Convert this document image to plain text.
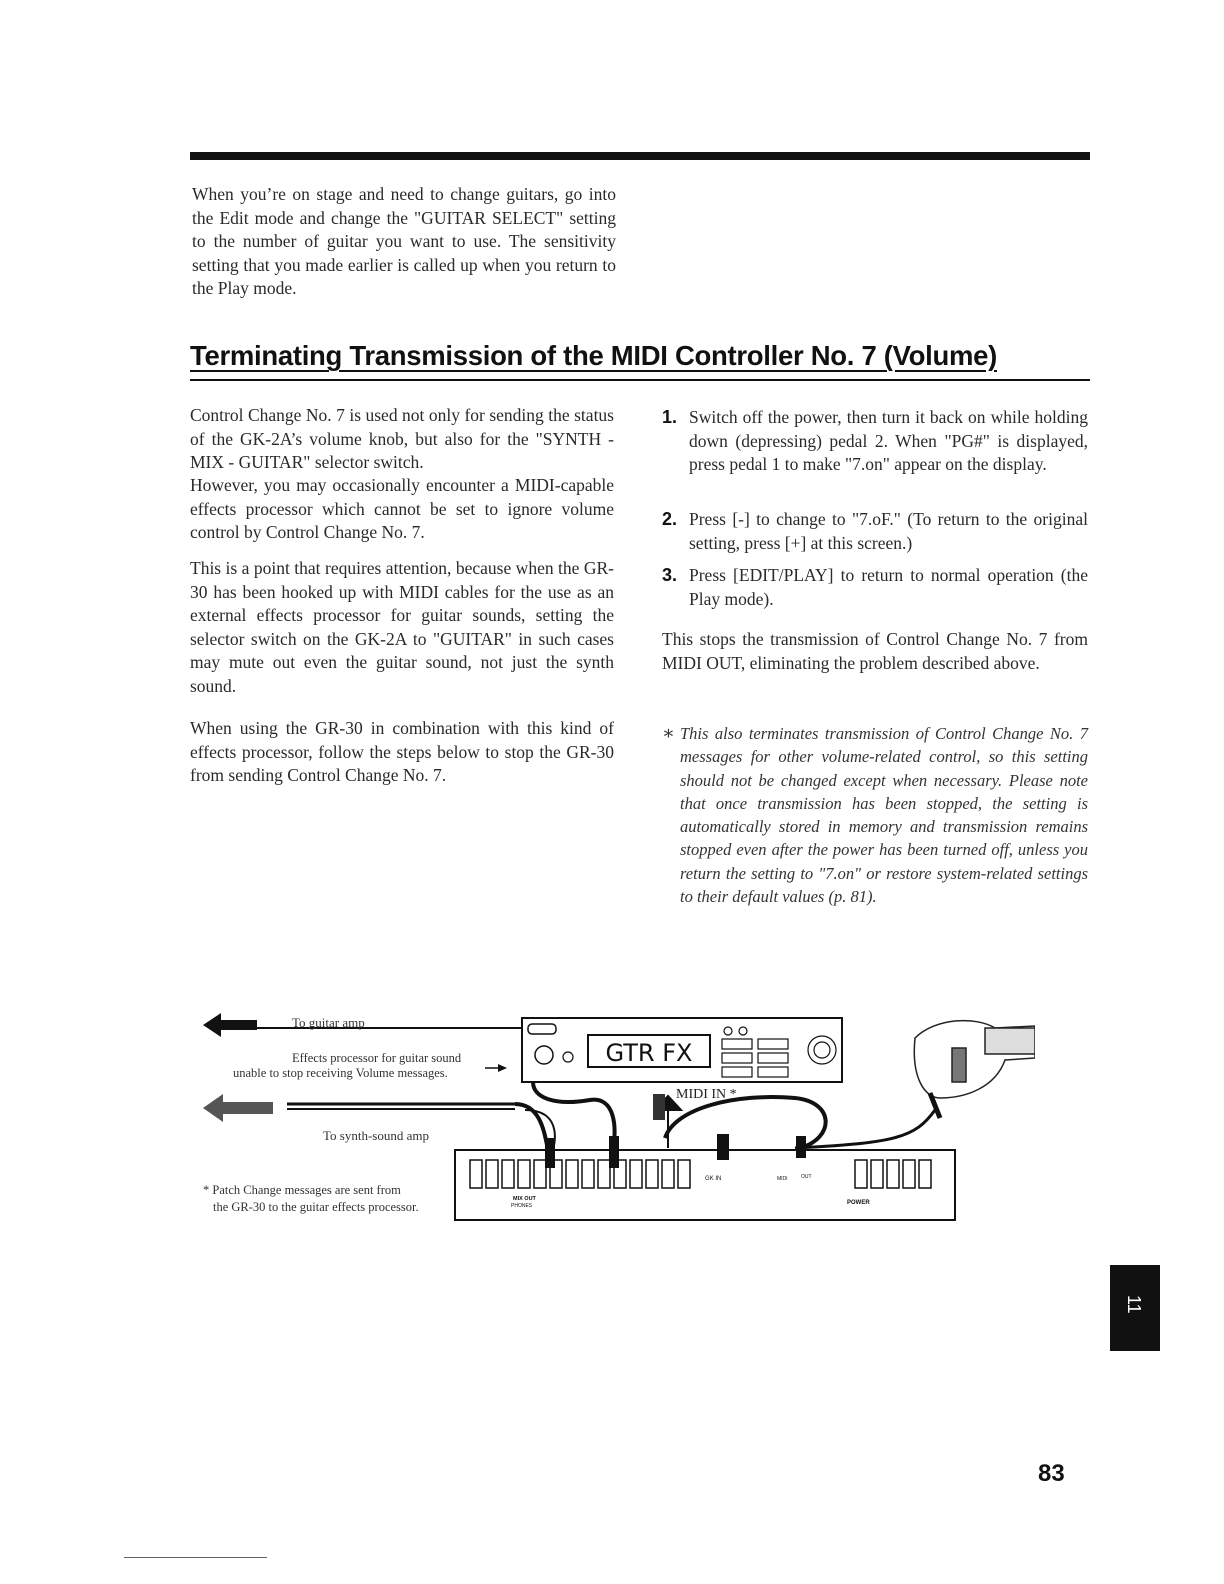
When you’re on stage and need to change guitars, go into the Edit mode and change the "GUITAR SELECT" setting to the number of guitar you want to use. The sensitivity setting that you made earlier is called up when you return to the Play mode.

Terminating Transmission of the MIDI Controller No. 7 (Volume)

Control Change No. 7 is used not only for sending the status of the GK-2A’s volume knob, but also for the "SYNTH - MIX - GUITAR" selector switch.

However, you may occasionally encounter a MIDI-capable effects processor which cannot be set to ignore volume control by Control Change No. 7.

This is a point that requires attention, because when the GR-30 has been hooked up with MIDI cables for the use as an external effects processor for guitar sounds, setting the selector switch on the GK-2A to "GUITAR" in such cases may mute out even the guitar sound, not just the synth sound.

When using the GR-30 in combination with this kind of effects processor, follow the steps below to stop the GR-30 from sending Control Change No. 7.

1. Switch off the power, then turn it back on while holding down (depressing) pedal 2. When "PG#" is displayed, press pedal 1 to make "7.on" appear on the display.

2. Press [-] to change to "7.oF." (To return to the original setting, press [+] at this screen.)

3. Press [EDIT/PLAY] to return to normal operation (the Play mode).

This stops the transmission of Control Change No. 7 from MIDI OUT, eliminating the problem described above.

∗ This also terminates transmission of Control Change No. 7 messages for other volume-related control, so this setting should not be changed except when necessary. Please note that once transmission has been stopped, the setting is automatically stored in memory and transmission remains stopped even after the power has been turned off, unless you return the setting to "7.on" or restore system-related settings to their default values (p. 81).

To guitar amp
Effects processor for guitar sound
unable to stop receiving Volume messages.
To synth-sound amp
* Patch Change messages are sent from
the GR-30 to the guitar effects processor.
GTR FX
MIDI IN *
GK IN
POWER
MIX OUT
PHONES
MIDI	OUT
11
83
